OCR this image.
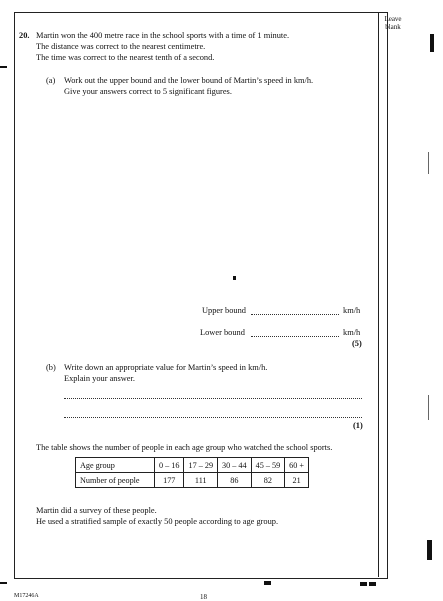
Leave blank
20. Martin won the 400 metre race in the school sports with a time of 1 minute.
The distance was correct to the nearest centimetre.
The time was correct to the nearest tenth of a second.
(a) Work out the upper bound and the lower bound of Martin’s speed in km/h.
Give your answers correct to 5 significant figures.
Upper bound	km/h
Lower bound	km/h
(5)
(b) Write down an appropriate value for Martin’s speed in km/h.
Explain your answer.
(1)
The table shows the number of people in each age group who watched the school sports.
Age group	0 – 16	17 – 29	30 – 44	45 – 59	60 +
Number of people	177	111	86	82	21
Martin did a survey of these people.
He used a stratified sample of exactly 50 people according to age group.
M17246A	18
